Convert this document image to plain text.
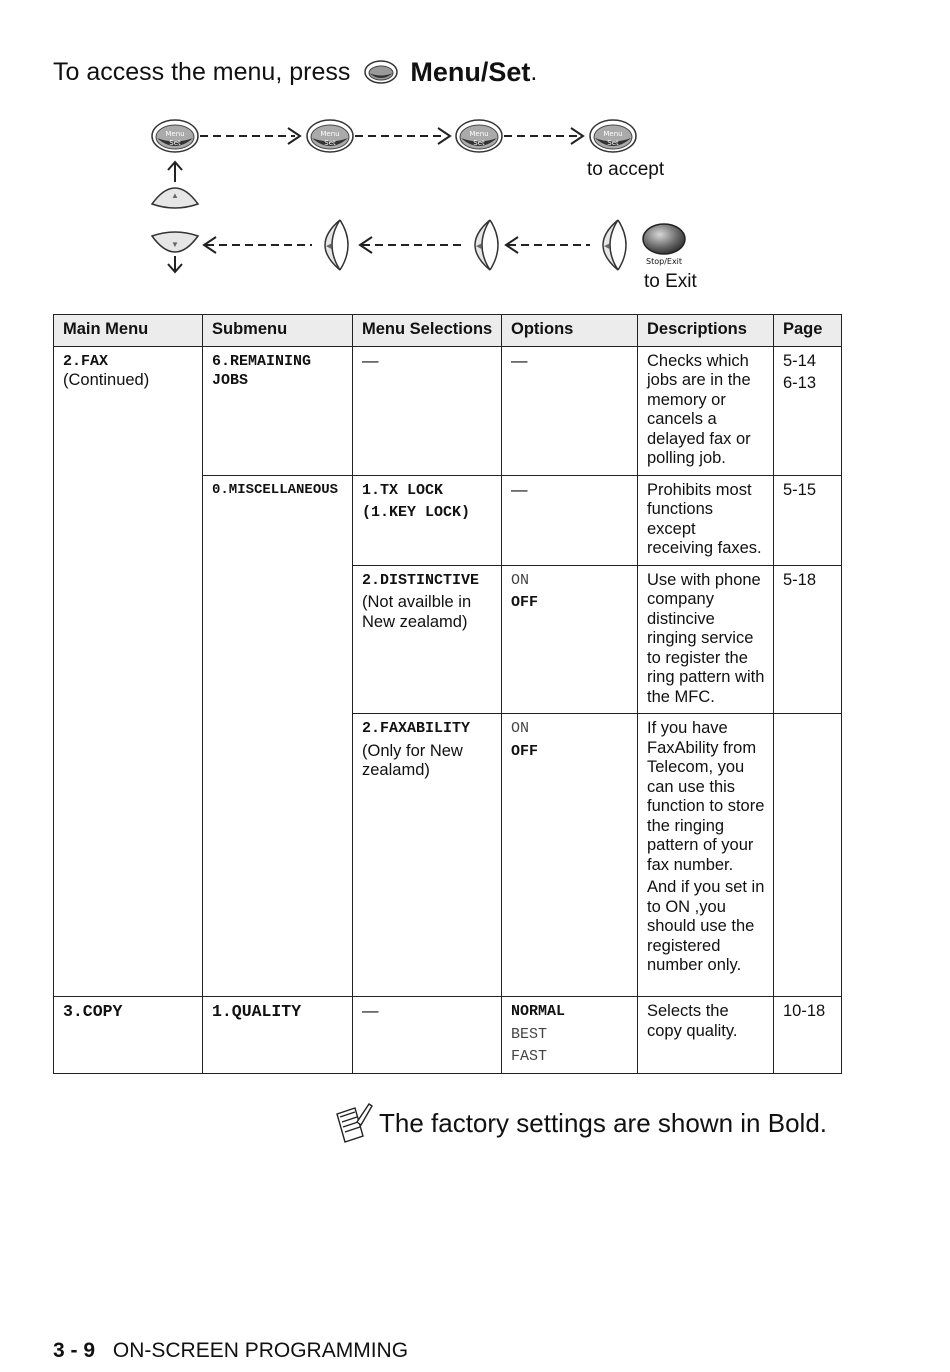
To access the menu, press Menu/Set .
Menu
Set
Menu
Set
Menu
Set
Menu
Set
▲
▼	◀	◀	◀
Stop/Exit
to accept
to Exit
Main Menu	Submenu	Menu Selections	Options	Descriptions	Page

2.FAX
(Continued)	6.REMAINING
JOBS	—	—	Checks which jobs are in the memory or cancels a delayed fax or polling job.	5-14
6-13

	0.MISCELLANEOUS	1.TX LOCK
(1.KEY LOCK)	—	Prohibits most functions except receiving faxes.	5-15

		2.DISTINCTIVE
(Not availble in New zealamd)	ON
OFF	Use with phone company distincive ringing service to register the ring pattern with the MFC.	5-18

		2.FAXABILITY
(Only for New zealamd)	ON
OFF	If you have FaxAbility from Telecom, you can use this function to store the ringing pattern of your fax number.
And if you set in to ON ,you should use the registered number only.	

3.COPY	1.QUALITY	—	NORMAL
BEST
FAST	Selects the copy quality.	10-18
The factory settings are shown in Bold.
3 - 9 ON-SCREEN PROGRAMMING
